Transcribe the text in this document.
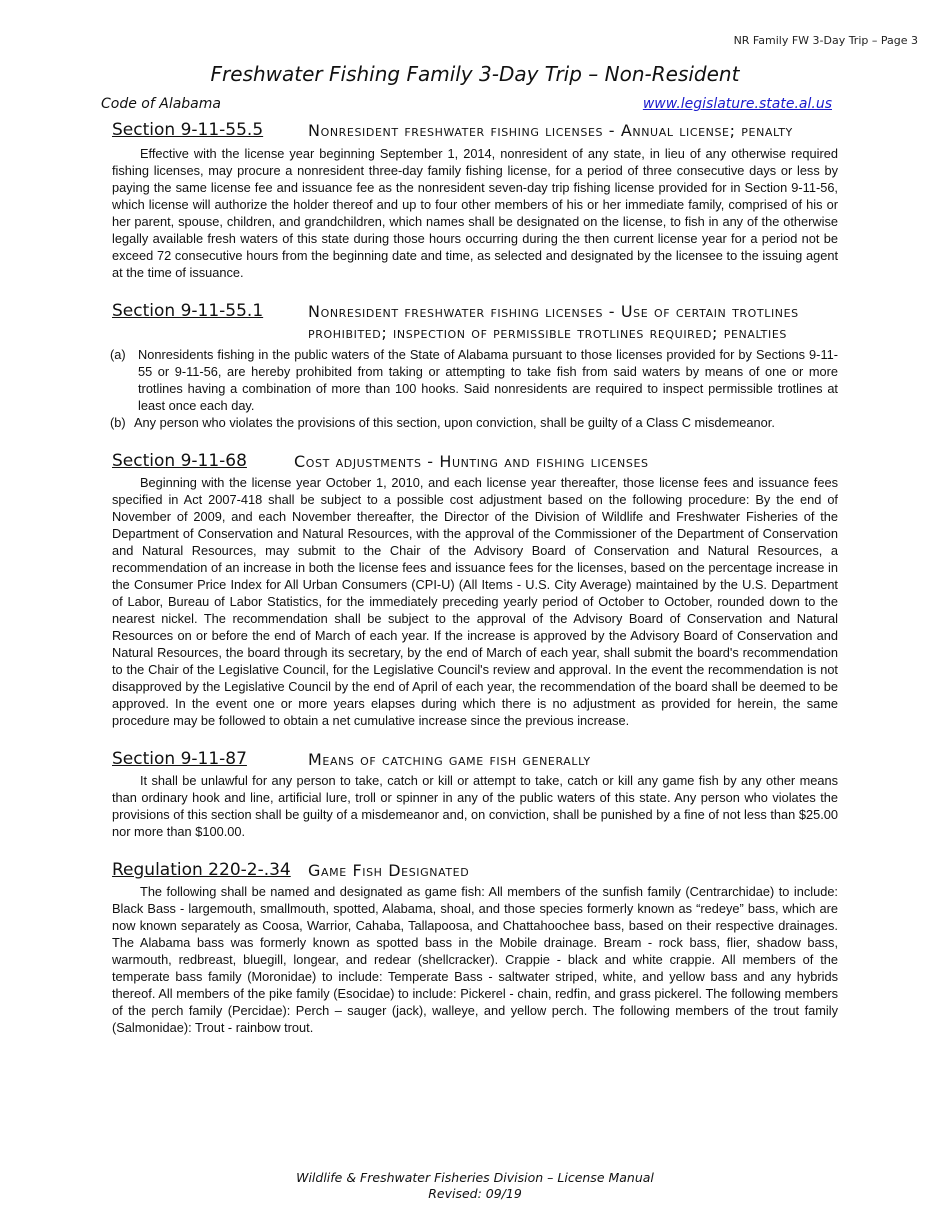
NR Family FW 3-Day Trip – Page 3
Freshwater Fishing Family 3-Day Trip – Non-Resident
Code of Alabama	www.legislature.state.al.us
Section 9-11-55.5	Nonresident freshwater fishing licenses - Annual license; penalty

Effective with the license year beginning September 1, 2014, nonresident of any state, in lieu of any otherwise required fishing licenses, may procure a nonresident three-day family fishing license, for a period of three consecutive days or less by paying the same license fee and issuance fee as the nonresident seven-day trip fishing license provided for in Section 9-11-56, which license will authorize the holder thereof and up to four other members of his or her immediate family, comprised of his or her parent, spouse, children, and grandchildren, which names shall be designated on the license, to fish in any of the otherwise legally available fresh waters of this state during those hours occurring during the then current license year for a period not be exceed 72 consecutive hours from the beginning date and time, as selected and designated by the licensee to the issuing agent at the time of issuance.

Section 9-11-55.1	Nonresident freshwater fishing licenses - Use of certain trotlines prohibited; inspection of permissible trotlines required; penalties
(a) Nonresidents fishing in the public waters of the State of Alabama pursuant to those licenses provided for by Sections 9-11-55 or 9-11-56, are hereby prohibited from taking or attempting to take fish from said waters by means of one or more trotlines having a combination of more than 100 hooks. Said nonresidents are required to inspect permissible trotlines at least once each day.
(b) Any person who violates the provisions of this section, upon conviction, shall be guilty of a Class C misdemeanor.
Section 9-11-68	Cost adjustments - Hunting and fishing licenses

Beginning with the license year October 1, 2010, and each license year thereafter, those license fees and issuance fees specified in Act 2007-418 shall be subject to a possible cost adjustment based on the following procedure: By the end of November of 2009, and each November thereafter, the Director of the Division of Wildlife and Freshwater Fisheries of the Department of Conservation and Natural Resources, with the approval of the Commissioner of the Department of Conservation and Natural Resources, may submit to the Chair of the Advisory Board of Conservation and Natural Resources, a recommendation of an increase in both the license fees and issuance fees for the licenses, based on the percentage increase in the Consumer Price Index for All Urban Consumers (CPI-U) (All Items - U.S. City Average) maintained by the U.S. Department of Labor, Bureau of Labor Statistics, for the immediately preceding yearly period of October to October, rounded down to the nearest nickel. The recommendation shall be subject to the approval of the Advisory Board of Conservation and Natural Resources on or before the end of March of each year. If the increase is approved by the Advisory Board of Conservation and Natural Resources, the board through its secretary, by the end of March of each year, shall submit the board's recommendation to the Chair of the Legislative Council, for the Legislative Council's review and approval. In the event the recommendation is not disapproved by the Legislative Council by the end of April of each year, the recommendation of the board shall be deemed to be approved. In the event one or more years elapses during which there is no adjustment as provided for herein, the same procedure may be followed to obtain a net cumulative increase since the previous increase.

Section 9-11-87	Means of catching game fish generally

It shall be unlawful for any person to take, catch or kill or attempt to take, catch or kill any game fish by any other means than ordinary hook and line, artificial lure, troll or spinner in any of the public waters of this state. Any person who violates the provisions of this section shall be guilty of a misdemeanor and, on conviction, shall be punished by a fine of not less than $25.00 nor more than $100.00.

Regulation 220-2-.34	Game Fish Designated

The following shall be named and designated as game fish: All members of the sunfish family (Centrarchidae) to include: Black Bass - largemouth, smallmouth, spotted, Alabama, shoal, and those species formerly known as “redeye” bass, which are now known separately as Coosa, Warrior, Cahaba, Tallapoosa, and Chattahoochee bass, based on their respective drainages. The Alabama bass was formerly known as spotted bass in the Mobile drainage. Bream - rock bass, flier, shadow bass, warmouth, redbreast, bluegill, longear, and redear (shellcracker). Crappie - black and white crappie. All members of the temperate bass family (Moronidae) to include: Temperate Bass - saltwater striped, white, and yellow bass and any hybrids thereof. All members of the pike family (Esocidae) to include: Pickerel - chain, redfin, and grass pickerel. The following members of the perch family (Percidae): Perch – sauger (jack), walleye, and yellow perch. The following members of the trout family (Salmonidae): Trout - rainbow trout.

Wildlife & Freshwater Fisheries Division – License Manual
Revised: 09/19
